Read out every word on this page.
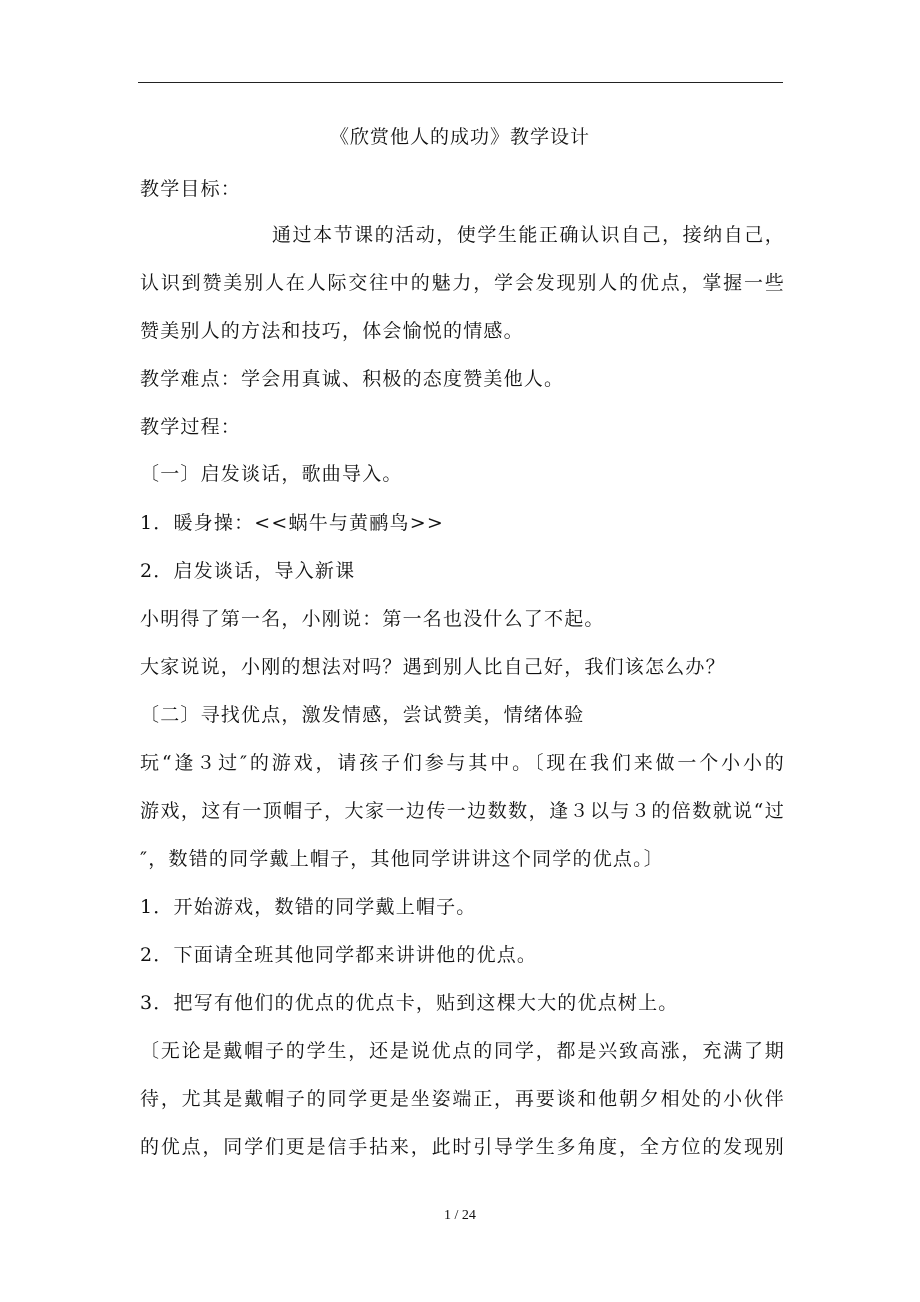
《欣赏他人的成功》教学设计
教学目标：
通过本节课的活动，使学生能正确认识自己，接纳自己，
认识到赞美别人在人际交往中的魅力，学会发现别人的优点，掌握一些
赞美别人的方法和技巧，体会愉悦的情感。
教学难点：学会用真诚、积极的态度赞美他人。
教学过程：
〔一〕启发谈话，歌曲导入。
1．暖身操：<<蜗牛与黄鹂鸟>>
2．启发谈话，导入新课
小明得了第一名，小刚说：第一名也没什么了不起。
大家说说，小刚的想法对吗？遇到别人比自己好，我们该怎么办？
〔二〕寻找优点，激发情感，尝试赞美，情绪体验
玩“逢３过″的游戏，请孩子们参与其中。〔现在我们来做一个小小的
游戏，这有一顶帽子，大家一边传一边数数，逢３以与３的倍数就说“过
″，数错的同学戴上帽子，其他同学讲讲这个同学的优点。〕
1．开始游戏，数错的同学戴上帽子。
2．下面请全班其他同学都来讲讲他的优点。
3．把写有他们的优点的优点卡，贴到这棵大大的优点树上。
〔无论是戴帽子的学生，还是说优点的同学，都是兴致高涨，充满了期
待，尤其是戴帽子的同学更是坐姿端正，再要谈和他朝夕相处的小伙伴
的优点，同学们更是信手拈来，此时引导学生多角度，全方位的发现别
1 / 24
